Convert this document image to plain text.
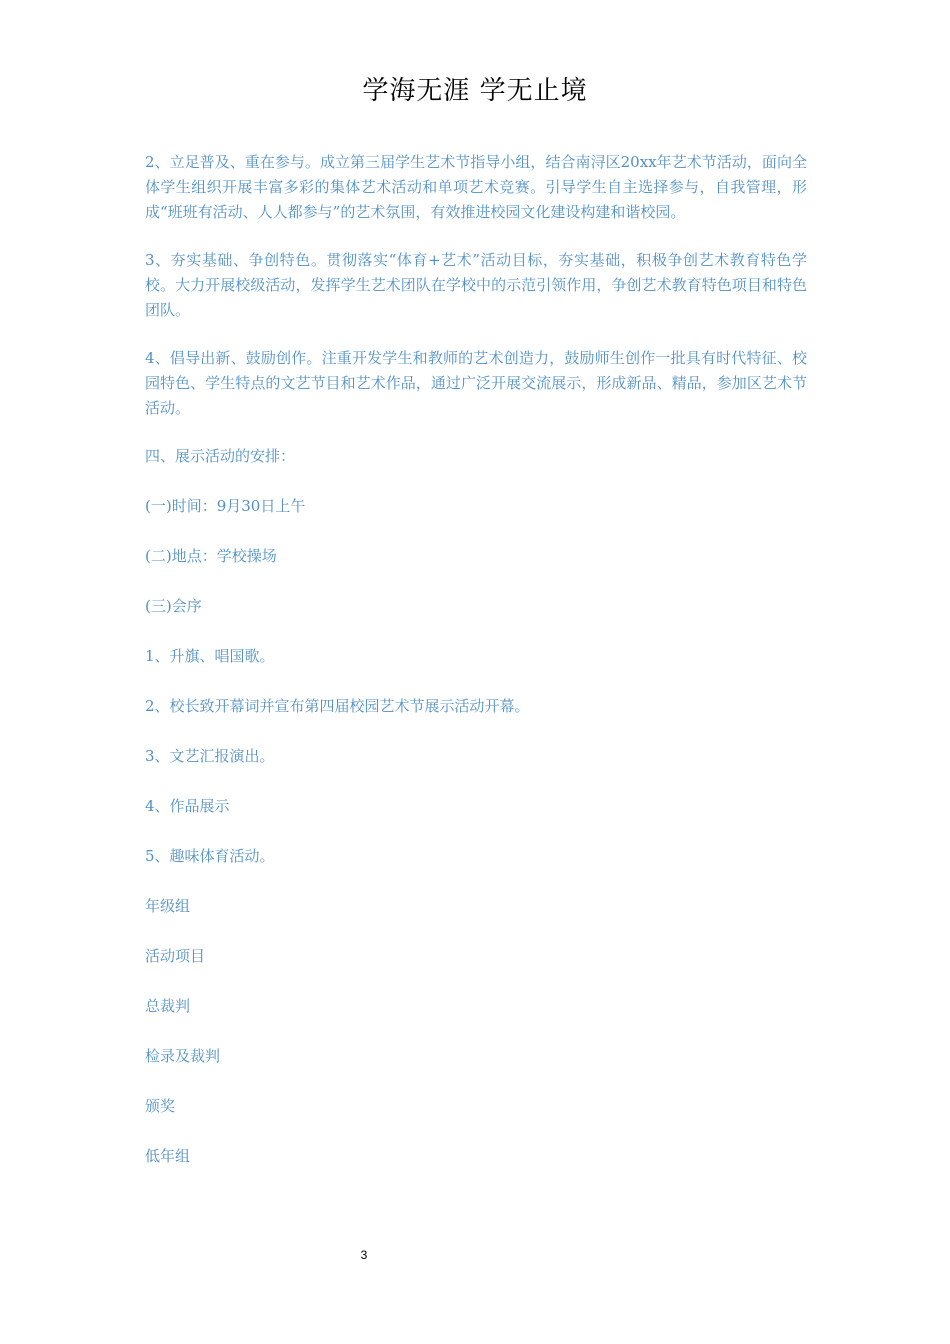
学海无涯 学无止境

2、立足普及、重在参与。成立第三届学生艺术节指导小组，结合南浔区20xx年艺术节活动，面向全体学生组织开展丰富多彩的集体艺术活动和单项艺术竞赛。引导学生自主选择参与，自我管理，形成“班班有活动、人人都参与”的艺术氛围，有效推进校园文化建设构建和谐校园。

3、夯实基础、争创特色。贯彻落实“体育+艺术”活动目标，夯实基础，积极争创艺术教育特色学校。大力开展校级活动，发挥学生艺术团队在学校中的示范引领作用，争创艺术教育特色项目和特色团队。

4、倡导出新、鼓励创作。注重开发学生和教师的艺术创造力，鼓励师生创作一批具有时代特征、校园特色、学生特点的文艺节目和艺术作品，通过广泛开展交流展示，形成新品、精品，参加区艺术节活动。

四、展示活动的安排：

(一)时间：9月30日上午

(二)地点：学校操场

(三)会序

1、升旗、唱国歌。

2、校长致开幕词并宣布第四届校园艺术节展示活动开幕。

3、文艺汇报演出。

4、作品展示

5、趣味体育活动。

年级组

活动项目

总裁判

检录及裁判

颁奖

低年组

3
